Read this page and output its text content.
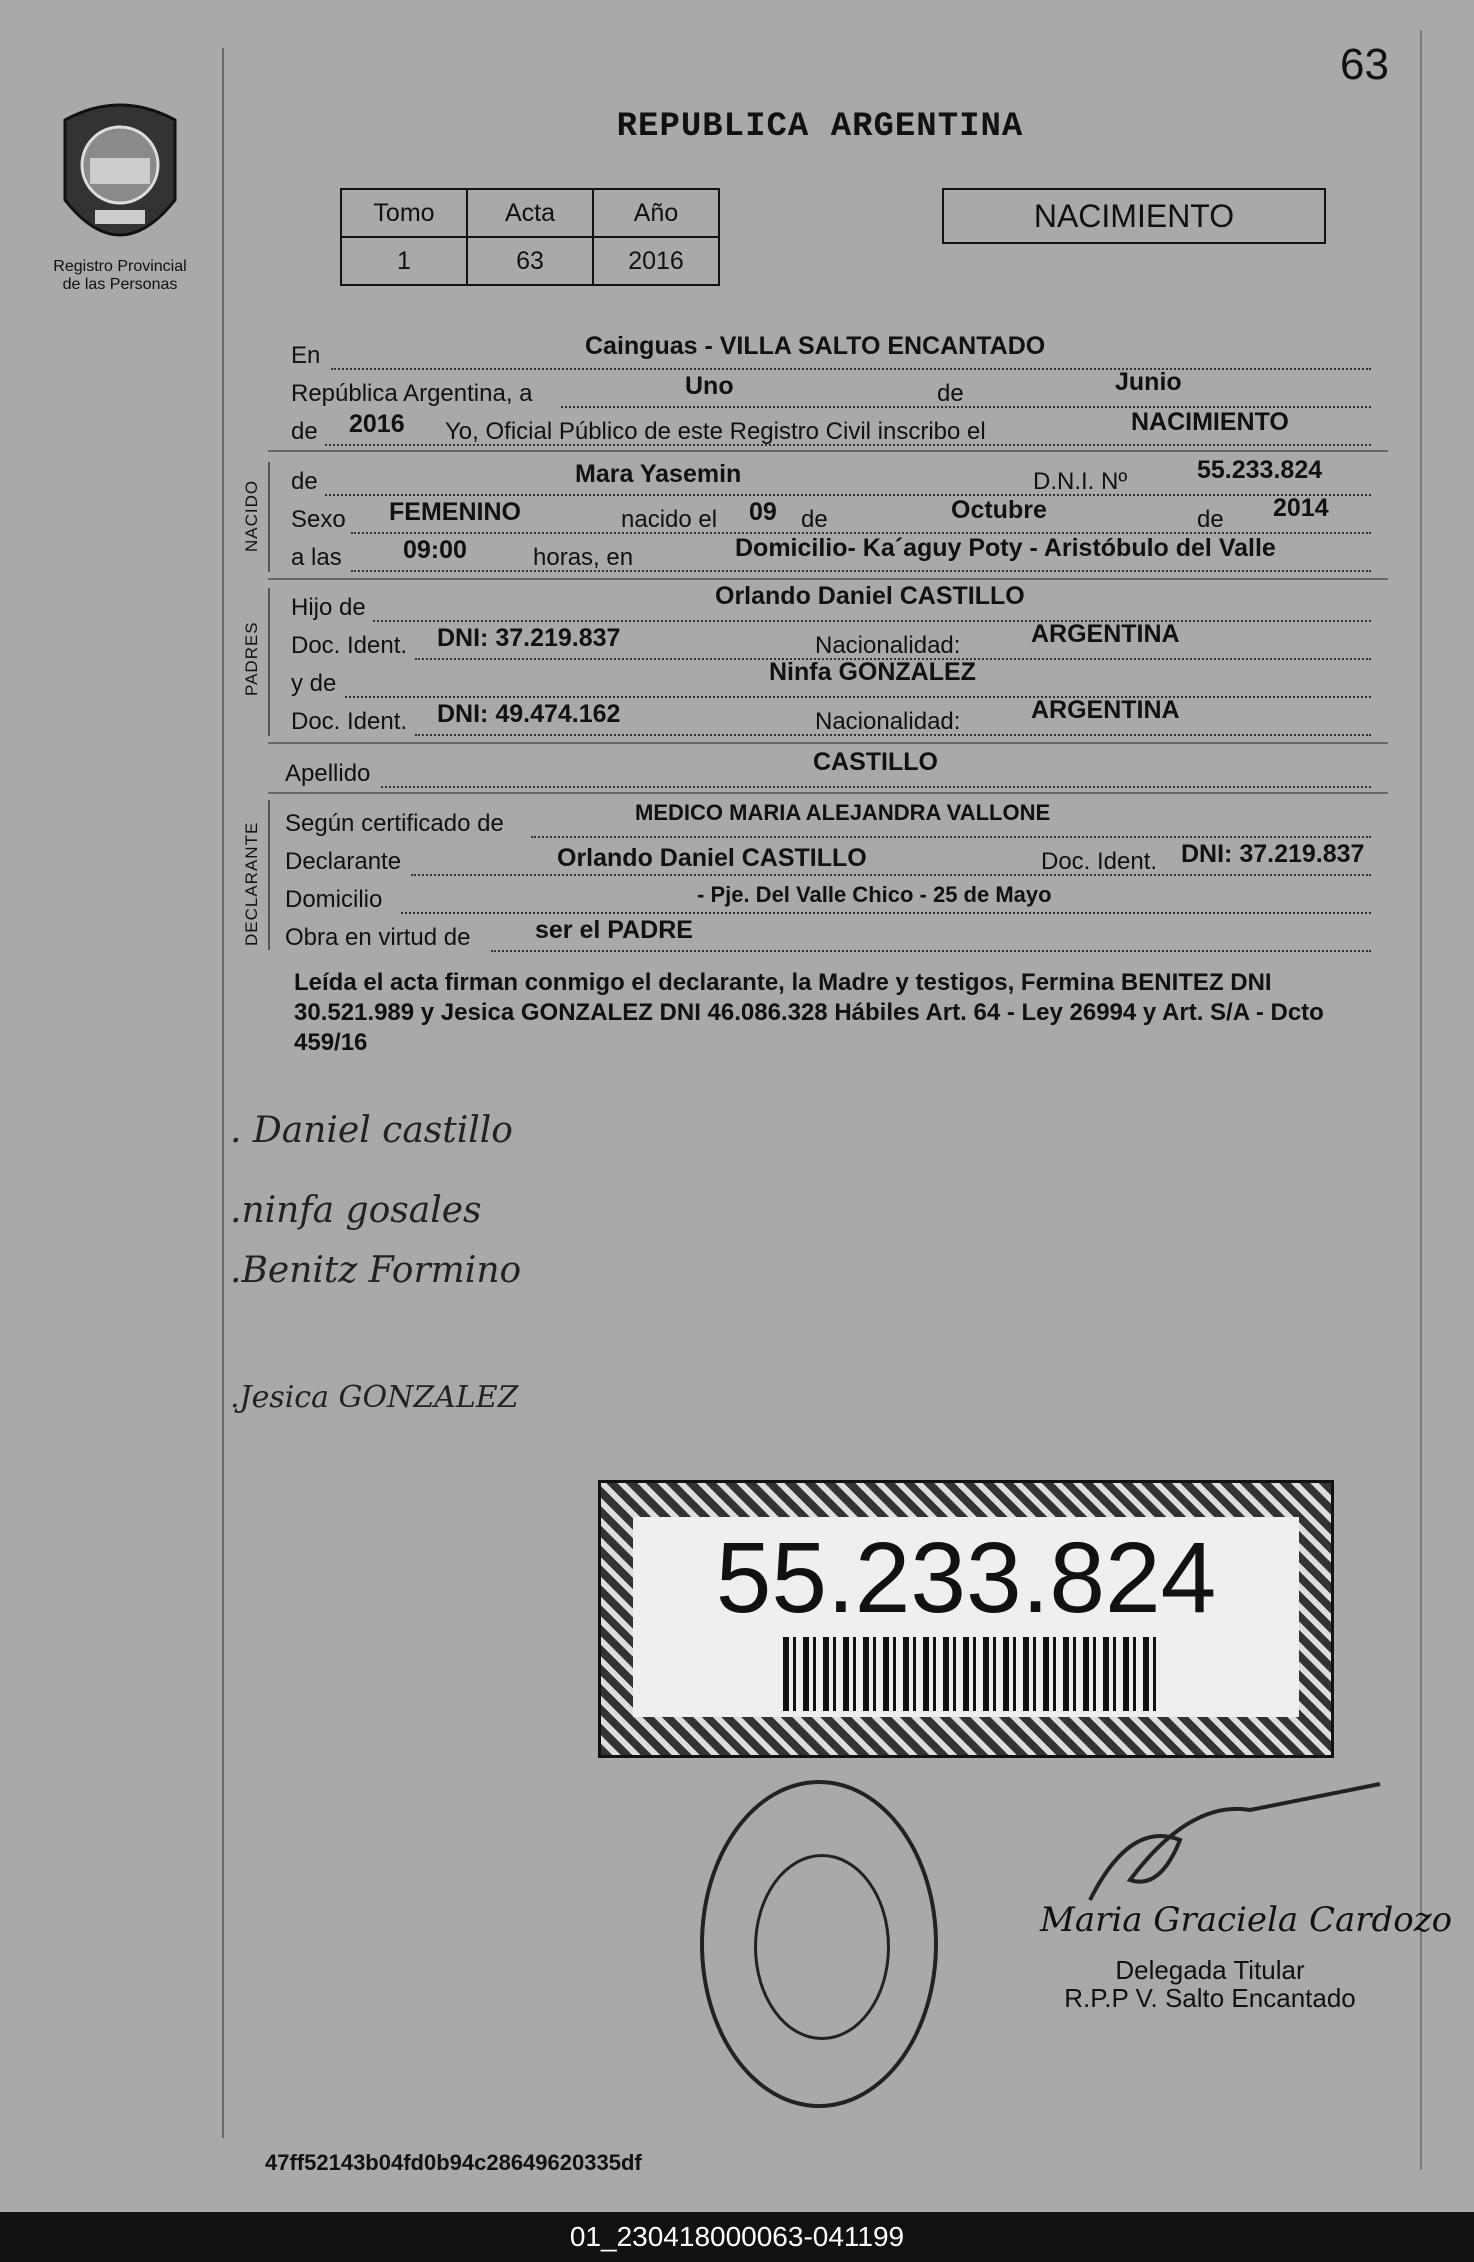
63
Registro Provincial
de las Personas
REPUBLICA ARGENTINA
Tomo	Acta	Año
1	63	2016
NACIMIENTO
En	Cainguas - VILLA SALTO ENCANTADO
República Argentina, a	Uno	de	Junio
de 2016 Yo, Oficial Público de este Registro Civil inscribo el	NACIMIENTO
NACIDO de	Mara Yasemin	D.N.I. Nº	55.233.824
Sexo FEMENINO	nacido el 09 de	Octubre	de 2014
a las 09:00	horas, en	Domicilio- Ka´aguy Poty - Aristóbulo del Valle
PADRES
Hijo de	Orlando Daniel CASTILLO
Doc. Ident. DNI: 37.219.837	Nacionalidad:	ARGENTINA
y de	Ninfa GONZALEZ
Doc. Ident. DNI: 49.474.162	Nacionalidad:	ARGENTINA
Apellido	CASTILLO
DECLARANTE Según certificado de	MEDICO MARIA ALEJANDRA VALLONE
Declarante	Orlando Daniel CASTILLO	Doc. Ident. DNI: 37.219.837
Domicilio	- Pje. Del Valle Chico - 25 de Mayo
Obra en virtud de	ser el PADRE
Leída el acta firman conmigo el declarante, la Madre y testigos, Fermina BENITEZ DNI 30.521.989 y Jesica GONZALEZ DNI 46.086.328 Hábiles Art. 64 - Ley 26994 y Art. S/A - Dcto 459/16
. Daniel castillo
.ninfa gosales
.Benitz Formino
.Jesica GONZALEZ
55.233.824
Maria Graciela Cardozo
Delegada Titular
R.P.P V. Salto Encantado
47ff52143b04fd0b94c28649620335df
01_230418000063-041199
